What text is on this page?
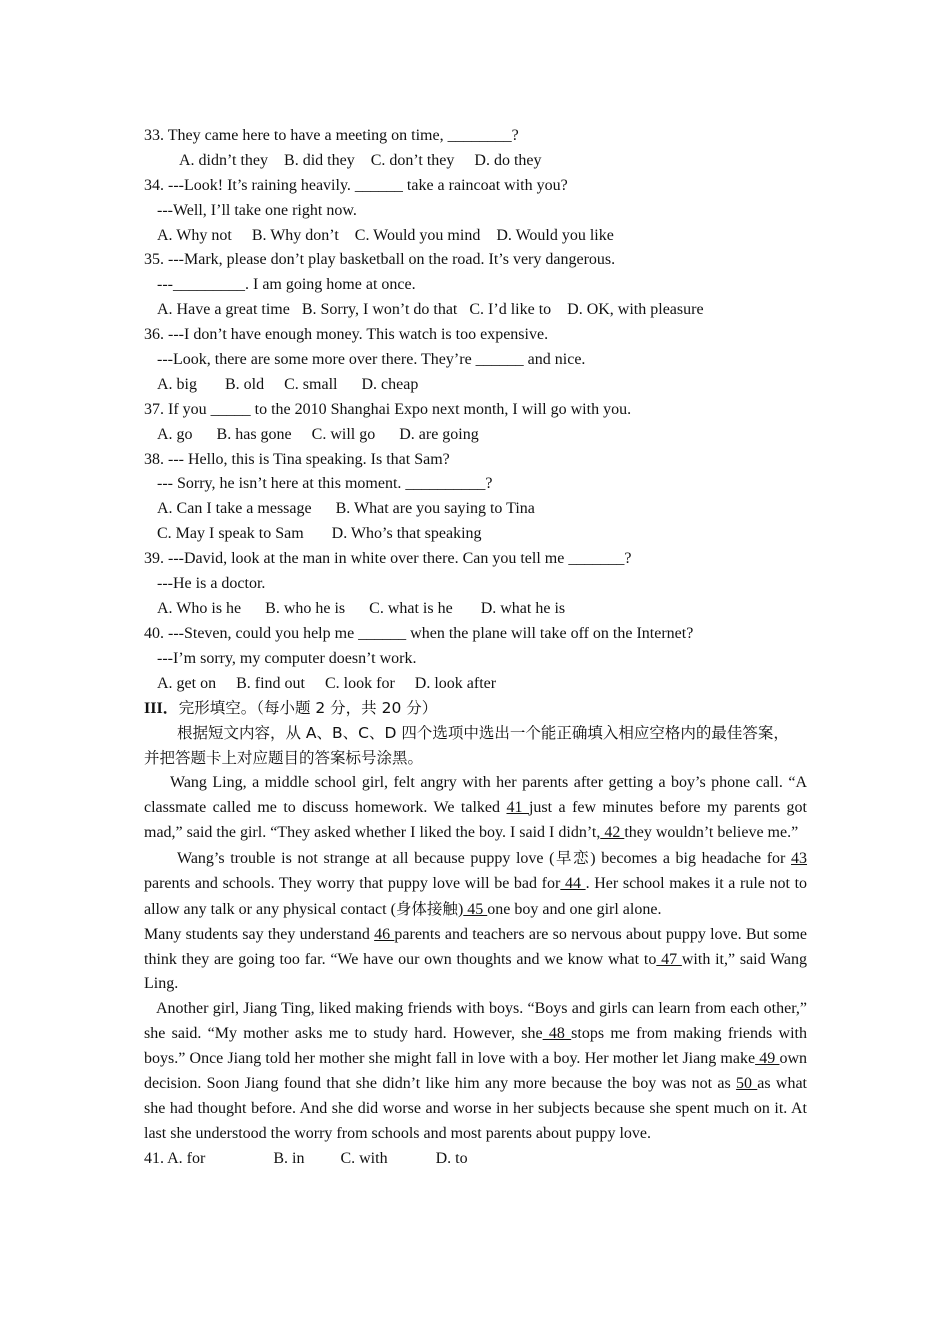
33. They came here to have a meeting on time, ________?
A. didn’t they    B. did they    C. don’t they     D. do they
34. ---Look! It’s raining heavily. ______ take a raincoat with you?
---Well, I’ll take one right now.
A. Why not     B. Why don’t    C. Would you mind    D. Would you like
35. ---Mark, please don’t play basketball on the road. It’s very dangerous.
---_________. I am going home at once.
A. Have a great time   B. Sorry, I won’t do that   C. I’d like to    D. OK, with pleasure
36. ---I don’t have enough money. This watch is too expensive.
---Look, there are some more over there. They’re ______ and nice.
A. big       B. old     C. small      D. cheap
37. If you _____ to the 2010 Shanghai Expo next month, I will go with you.
A. go      B. has gone     C. will go      D. are going
38. --- Hello, this is Tina speaking. Is that Sam?
--- Sorry, he isn’t here at this moment. __________?
A. Can I take a message      B. What are you saying to Tina
C. May I speak to Sam       D. Who’s that speaking
39. ---David, look at the man in white over there. Can you tell me _______?
---He is a doctor.
A. Who is he      B. who he is      C. what is he       D. what he is
40. ---Steven, could you help me ______ when the plane will take off on the Internet?
---I’m sorry, my computer doesn’t work.
A. get on     B. find out     C. look for     D. look after
III．完形填空。（每小题 2 分，共 20 分）
根据短文内容，从 A、B、C、D 四个选项中选出一个能正确填入相应空格内的最佳答案，
并把答题卡上对应题目的答案标号涂黑。
Wang Ling, a middle school girl, felt angry with her parents after getting a boy’s phone call. “A classmate called me to discuss homework. We talked 41 just a few minutes before my parents got mad,” said the girl. “They asked whether I liked the boy. I said I didn’t, 42 they wouldn’t believe me.”
Wang’s trouble is not strange at all because puppy love (早恋) becomes a big headache for 43 parents and schools. They worry that puppy love will be bad for 44 . Her school makes it a rule not to allow any talk or any physical contact (身体接触) 45 one boy and one girl alone.
Many students say they understand 46 parents and teachers are so nervous about puppy love. But some think they are going too far. “We have our own thoughts and we know what to 47 with it,” said Wang Ling.
Another girl, Jiang Ting, liked making friends with boys. “Boys and girls can learn from each other,” she said. “My mother asks me to study hard. However, she 48 stops me from making friends with boys.” Once Jiang told her mother she might fall in love with a boy. Her mother let Jiang make 49 own decision. Soon Jiang found that she didn’t like him any more because the boy was not as 50 as what she had thought before. And she did worse and worse in her subjects because she spent much on it. At last she understood the worry from schools and most parents about puppy love.
41. A. for                 B. in         C. with            D. to
